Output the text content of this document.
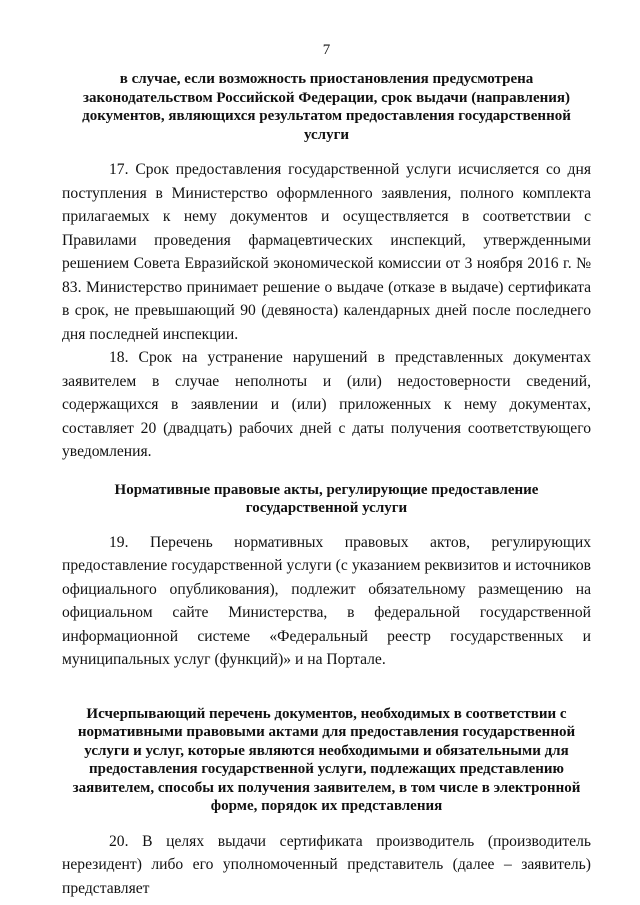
7

в случае, если возможность приостановления предусмотрена законодательством Российской Федерации, срок выдачи (направления) документов, являющихся результатом предоставления государственной услуги

17. Срок предоставления государственной услуги исчисляется со дня поступления в Министерство оформленного заявления, полного комплекта прилагаемых к нему документов и осуществляется в соответствии с Правилами проведения фармацевтических инспекций, утвержденными решением Совета Евразийской экономической комиссии от 3 ноября 2016 г. № 83. Министерство принимает решение о выдаче (отказе в выдаче) сертификата в срок, не превышающий 90 (девяноста) календарных дней после последнего дня последней инспекции.

18. Срок на устранение нарушений в представленных документах заявителем в случае неполноты и (или) недостоверности сведений, содержащихся в заявлении и (или) приложенных к нему документах, составляет 20 (двадцать) рабочих дней с даты получения соответствующего уведомления.

Нормативные правовые акты, регулирующие предоставление государственной услуги

19. Перечень нормативных правовых актов, регулирующих предоставление государственной услуги (с указанием реквизитов и источников официального опубликования), подлежит обязательному размещению на официальном сайте Министерства, в федеральной государственной информационной системе «Федеральный реестр государственных и муниципальных услуг (функций)» и на Портале.

Исчерпывающий перечень документов, необходимых в соответствии с нормативными правовыми актами для предоставления государственной услуги и услуг, которые являются необходимыми и обязательными для предоставления государственной услуги, подлежащих представлению заявителем, способы их получения заявителем, в том числе в электронной форме, порядок их представления

20. В целях выдачи сертификата производитель (производитель нерезидент) либо его уполномоченный представитель (далее – заявитель) представляет
